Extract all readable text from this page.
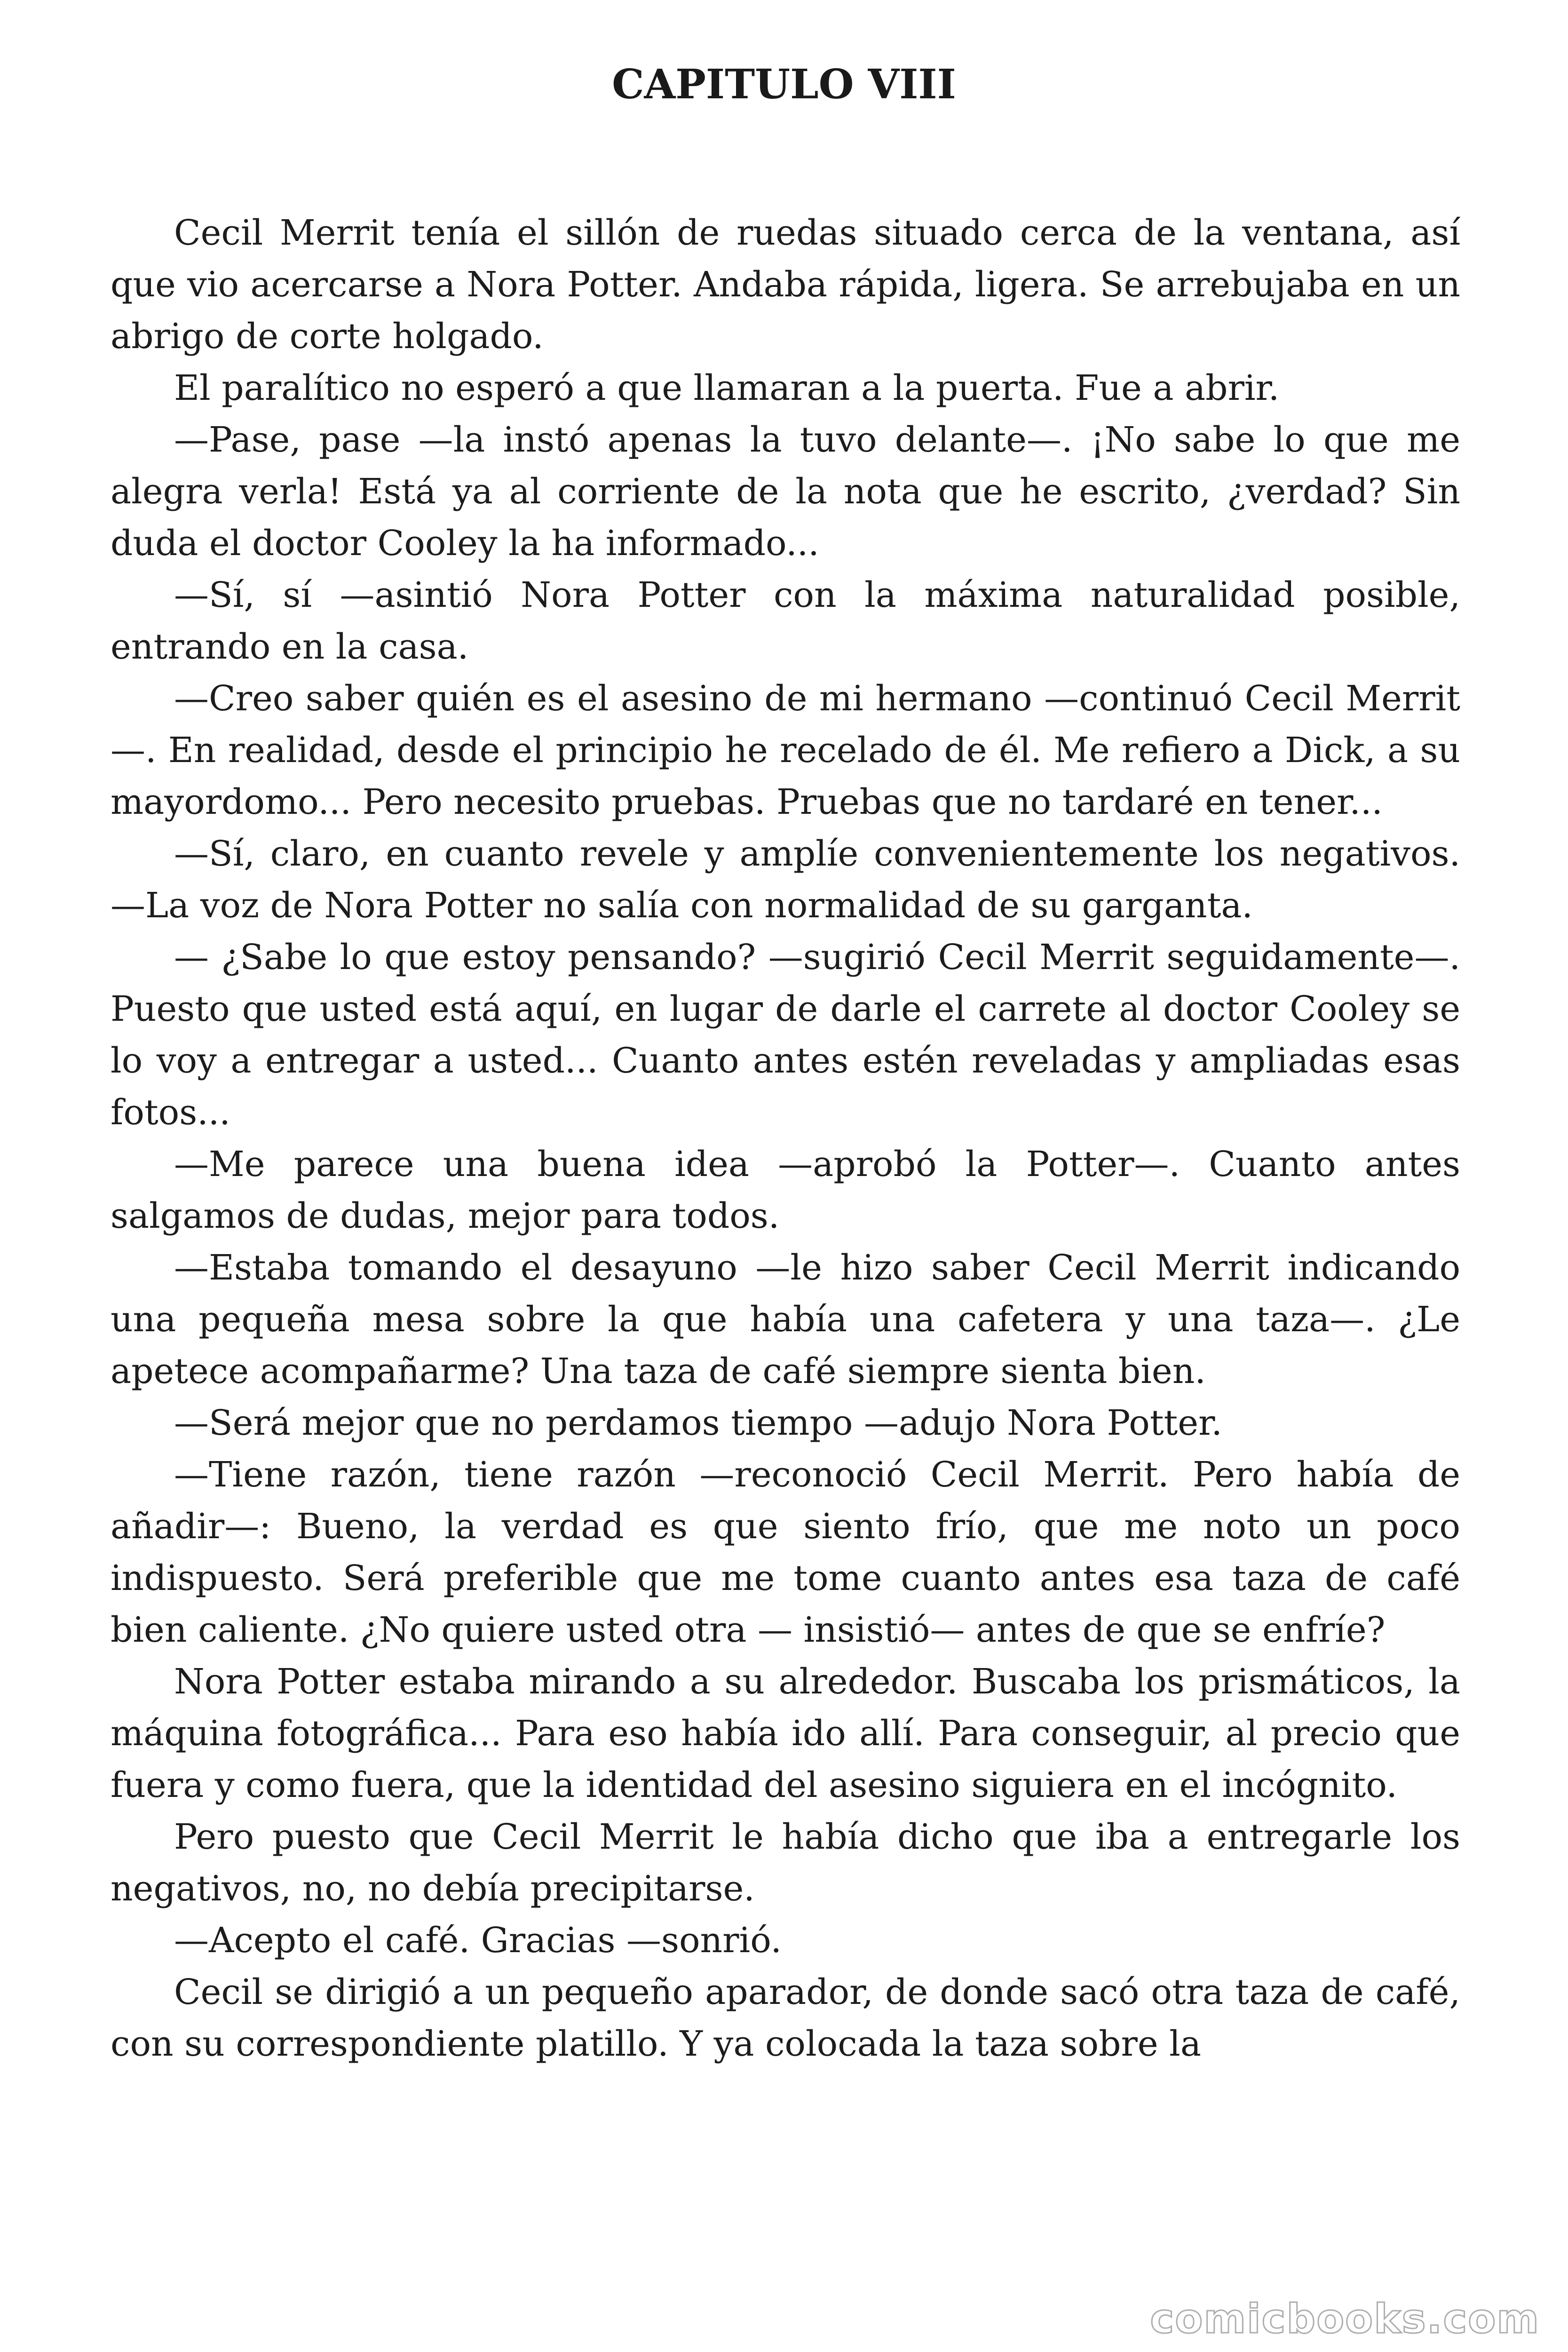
CAPITULO VIII

Cecil Merrit tenía el sillón de ruedas situado cerca de la ventana, así que vio acercarse a Nora Potter. Andaba rápida, ligera. Se arrebujaba en un abrigo de corte holgado.

El paralítico no esperó a que llamaran a la puerta. Fue a abrir.

—Pase, pase —la instó apenas la tuvo delante—. ¡No sabe lo que me alegra verla! Está ya al corriente de la nota que he escrito, ¿verdad? Sin duda el doctor Cooley la ha informado...

—Sí, sí —asintió Nora Potter con la máxima naturalidad posible, entrando en la casa.

—Creo saber quién es el asesino de mi hermano —continuó Cecil Merrit—. En realidad, desde el principio he recelado de él. Me refiero a Dick, a su mayordomo... Pero necesito pruebas. Pruebas que no tardaré en tener...

—Sí, claro, en cuanto revele y amplíe convenientemente los negativos. —La voz de Nora Potter no salía con normalidad de su garganta.

— ¿Sabe lo que estoy pensando? —sugirió Cecil Merrit seguidamente—. Puesto que usted está aquí, en lugar de darle el carrete al doctor Cooley se lo voy a entregar a usted... Cuanto antes estén reveladas y ampliadas esas fotos...

—Me parece una buena idea —aprobó la Potter—. Cuanto antes salgamos de dudas, mejor para todos.

—Estaba tomando el desayuno —le hizo saber Cecil Merrit indicando una pequeña mesa sobre la que había una cafetera y una taza—. ¿Le apetece acompañarme? Una taza de café siempre sienta bien.

—Será mejor que no perdamos tiempo —adujo Nora Potter.

—Tiene razón, tiene razón —reconoció Cecil Merrit. Pero había de añadir—: Bueno, la verdad es que siento frío, que me noto un poco indispuesto. Será preferible que me tome cuanto antes esa taza de café bien caliente. ¿No quiere usted otra — insistió— antes de que se enfríe?

Nora Potter estaba mirando a su alrededor. Buscaba los prismáticos, la máquina fotográfica... Para eso había ido allí. Para conseguir, al precio que fuera y como fuera, que la identidad del asesino siguiera en el incógnito.

Pero puesto que Cecil Merrit le había dicho que iba a entregarle los negativos, no, no debía precipitarse.

—Acepto el café. Gracias —sonrió.

Cecil se dirigió a un pequeño aparador, de donde sacó otra taza de café, con su correspondiente platillo. Y ya colocada la taza sobre la

comicbooks.com
